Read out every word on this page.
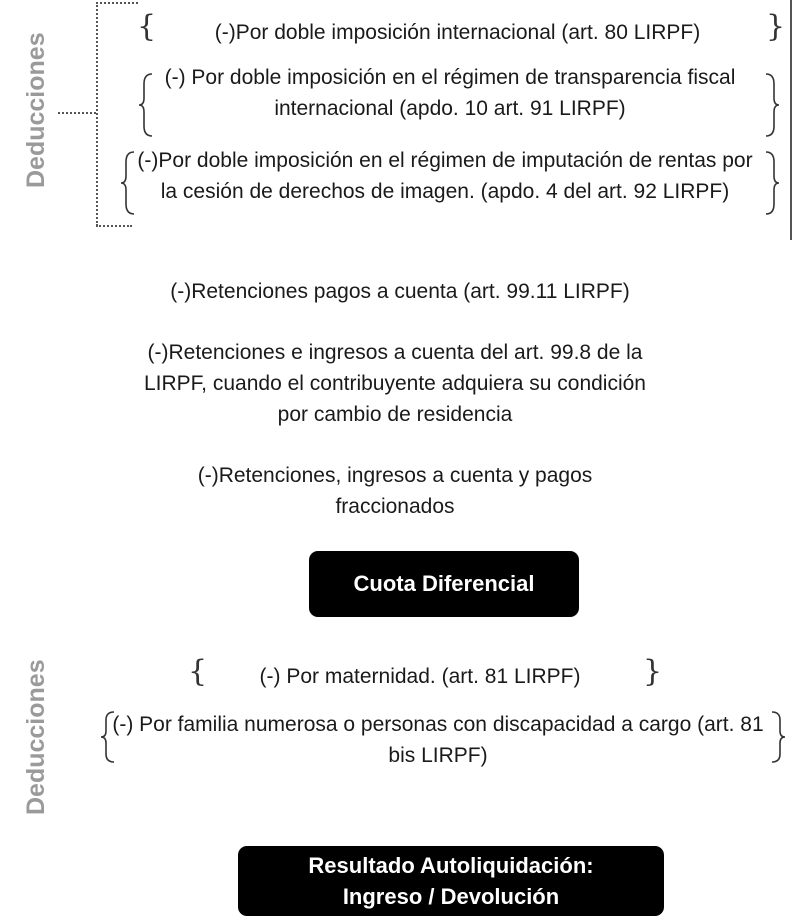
Deducciones
{	(-)Por doble imposición internacional (art. 80 LIRPF)	}
(-) Por doble imposición en el régimen de transparencia fiscal internacional (apdo. 10 art. 91 LIRPF)
(-)Por doble imposición en el régimen de imputación de rentas por la cesión de derechos de imagen. (apdo. 4 del art. 92 LIRPF)
(-)Retenciones pagos a cuenta (art. 99.11 LIRPF)
(-)Retenciones e ingresos a cuenta del art. 99.8 de la LIRPF, cuando el contribuyente adquiera su condición por cambio de residencia
(-)Retenciones, ingresos a cuenta y pagos fraccionados
Cuota Diferencial
Deducciones	{	(-) Por maternidad. (art. 81 LIRPF)	}
(-) Por familia numerosa o personas con discapacidad a cargo (art. 81 bis LIRPF)
Resultado Autoliquidación:
Ingreso / Devolución
